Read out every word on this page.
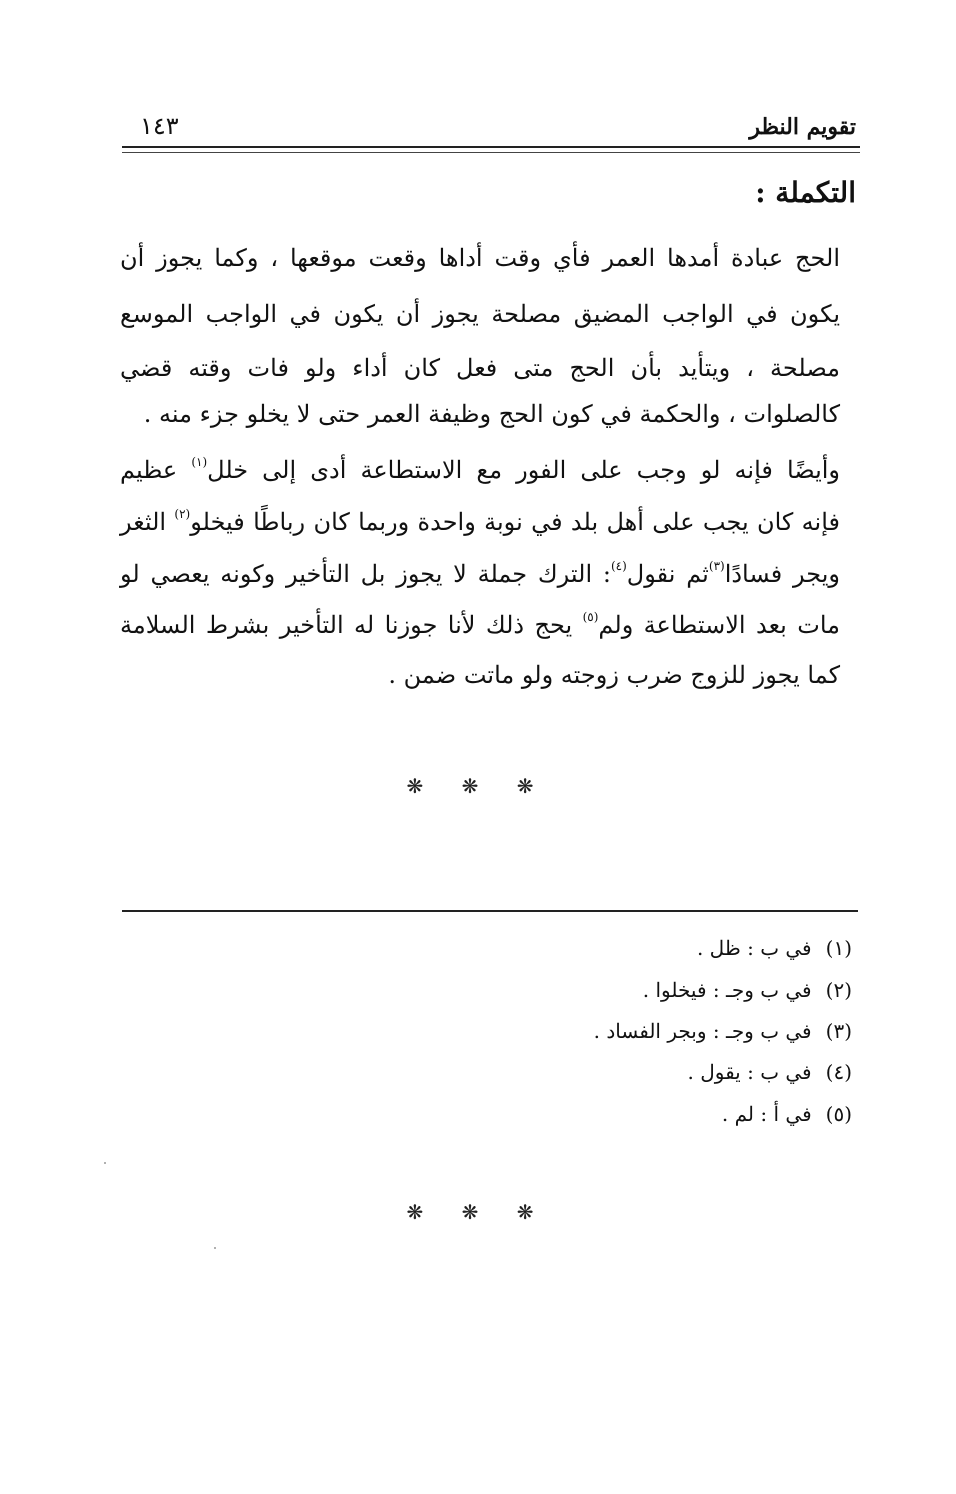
تقويم النظر
١٤٣
التكملة :
الحج عبادة أمدها العمر فأي وقت أداها وقعت موقعها ، وكما يجوز أن
يكون في الواجب المضيق مصلحة يجوز أن يكون في الواجب الموسع
مصلحة ، ويتأيد بأن الحج متى فعل كان أداء ولو فات وقته قضي
كالصلوات ، والحكمة في كون الحج وظيفة العمر حتى لا يخلو جزء منه .
وأيضًا فإنه لو وجب على الفور مع الاستطاعة أدى إلى خلل$^{(١)}$ عظيم
فإنه كان يجب على أهل بلد في نوبة واحدة وربما كان رباطًا فيخلو$^{(٢)}$ الثغر
ويجر فسادًا$^{(٣)}$ثم نقول$^{(٤)}$: الترك جملة لا يجوز بل التأخير وكونه يعصي لو
مات بعد الاستطاعة ولم$^{(٥)}$ يحج ذلك لأنا جوزنا له التأخير بشرط السلامة
كما يجوز للزوج ضرب زوجته ولو ماتت ضمن .
❋ ❋ ❋
(١)في ب : ظل .
(٢)في ب وجـ : فيخلوا .
(٣)في ب وجـ : وبجر الفساد .
(٤)في ب : يقول .
(٥)في أ : لم .
❋ ❋ ❋
